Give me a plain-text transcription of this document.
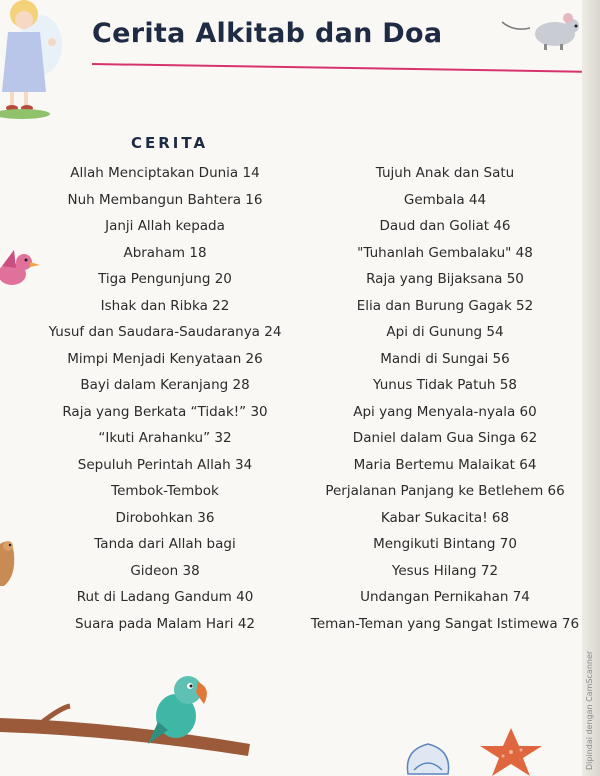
Cerita Alkitab dan Doa
CERITA
Allah Menciptakan Dunia 14
Nuh Membangun Bahtera 16
Janji Allah kepada
Abraham 18
Tiga Pengunjung 20
Ishak dan Ribka 22
Yusuf dan Saudara-Saudaranya 24
Mimpi Menjadi Kenyataan 26
Bayi dalam Keranjang 28
Raja yang Berkata “Tidak!” 30
“Ikuti Arahanku” 32
Sepuluh Perintah Allah 34
Tembok-Tembok
Dirobohkan 36
Tanda dari Allah bagi
Gideon 38
Rut di Ladang Gandum 40
Suara pada Malam Hari 42
Tujuh Anak dan Satu
Gembala 44
Daud dan Goliat 46
"Tuhanlah Gembalaku" 48
Raja yang Bijaksana 50
Elia dan Burung Gagak 52
Api di Gunung 54
Mandi di Sungai 56
Yunus Tidak Patuh 58
Api yang Menyala-nyala 60
Daniel dalam Gua Singa 62
Maria Bertemu Malaikat 64
Perjalanan Panjang ke Betlehem 66
Kabar Sukacita! 68
Mengikuti Bintang 70
Yesus Hilang 72
Undangan Pernikahan 74
Teman-Teman yang Sangat Istimewa 76
Dipindai dengan CamScanner
